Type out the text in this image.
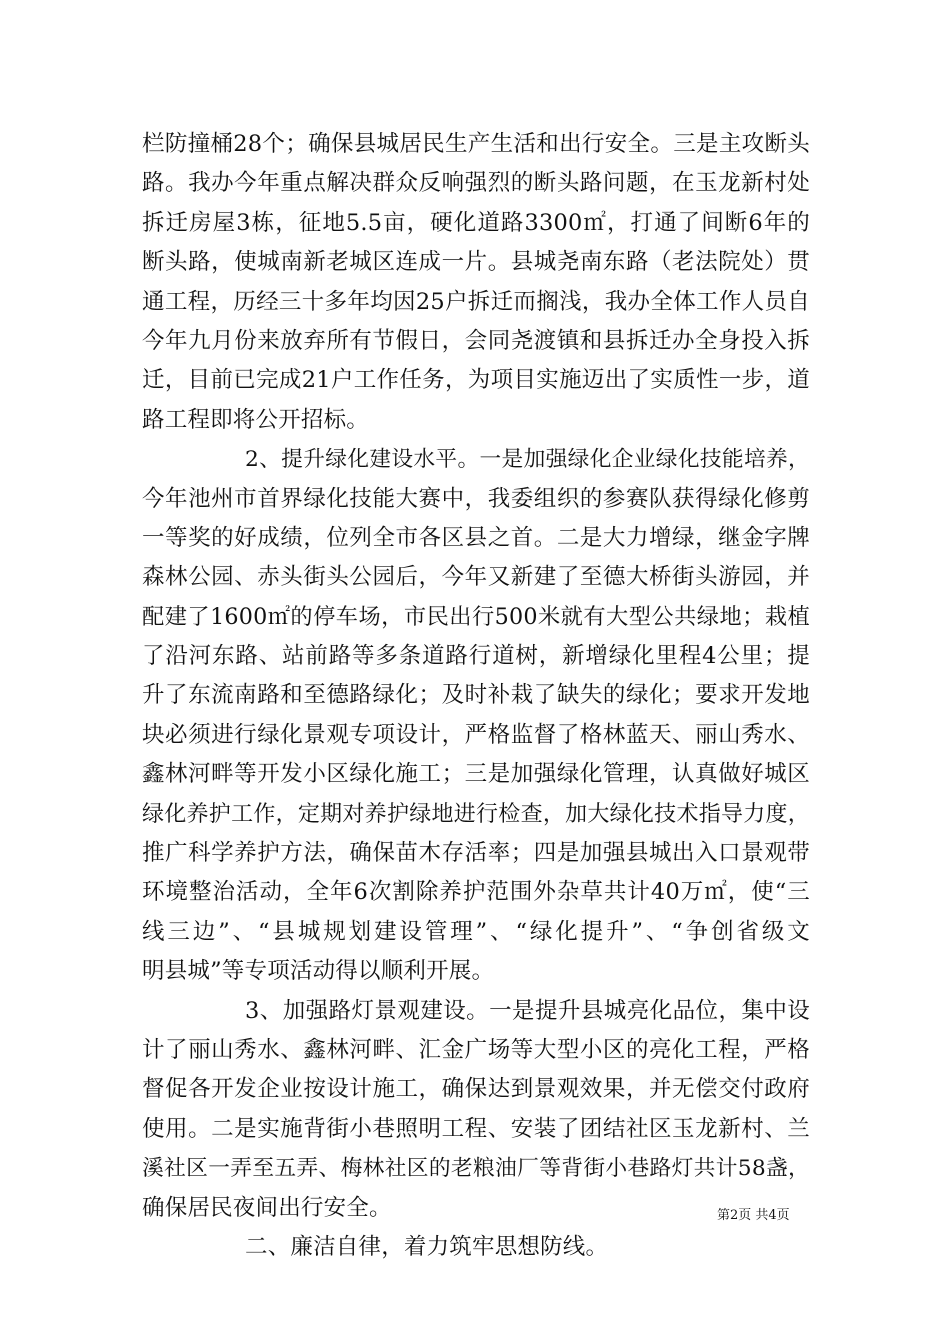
栏防撞桶28个；确保县城居民生产生活和出行安全。三是主攻断头
路。我办今年重点解决群众反响强烈的断头路问题，在玉龙新村处
拆迁房屋3栋，征地5.5亩，硬化道路3300㎡，打通了间断6年的
断头路，使城南新老城区连成一片。县城尧南东路（老法院处）贯
通工程，历经三十多年均因25户拆迁而搁浅，我办全体工作人员自
今年九月份来放弃所有节假日，会同尧渡镇和县拆迁办全身投入拆
迁，目前已完成21户工作任务，为项目实施迈出了实质性一步，道
路工程即将公开招标。
2、提升绿化建设水平。一是加强绿化企业绿化技能培养，
今年池州市首界绿化技能大赛中，我委组织的参赛队获得绿化修剪
一等奖的好成绩，位列全市各区县之首。二是大力增绿，继金字牌
森林公园、赤头街头公园后，今年又新建了至德大桥街头游园，并
配建了1600㎡的停车场，市民出行500米就有大型公共绿地；栽植
了沿河东路、站前路等多条道路行道树，新增绿化里程4公里；提
升了东流南路和至德路绿化；及时补栽了缺失的绿化；要求开发地
块必须进行绿化景观专项设计，严格监督了格林蓝天、丽山秀水、
鑫林河畔等开发小区绿化施工；三是加强绿化管理，认真做好城区
绿化养护工作，定期对养护绿地进行检查，加大绿化技术指导力度，
推广科学养护方法，确保苗木存活率；四是加强县城出入口景观带
环境整治活动，全年6次割除养护范围外杂草共计40万㎡，使“三
线三边”、“县城规划建设管理”、“绿化提升”、“争创省级文
明县城”等专项活动得以顺利开展。
3、加强路灯景观建设。一是提升县城亮化品位，集中设
计了丽山秀水、鑫林河畔、汇金广场等大型小区的亮化工程，严格
督促各开发企业按设计施工，确保达到景观效果，并无偿交付政府
使用。二是实施背街小巷照明工程、安装了团结社区玉龙新村、兰
溪社区一弄至五弄、梅林社区的老粮油厂等背街小巷路灯共计58盏，
确保居民夜间出行安全。
二、廉洁自律，着力筑牢思想防线。
第2页 共4页
